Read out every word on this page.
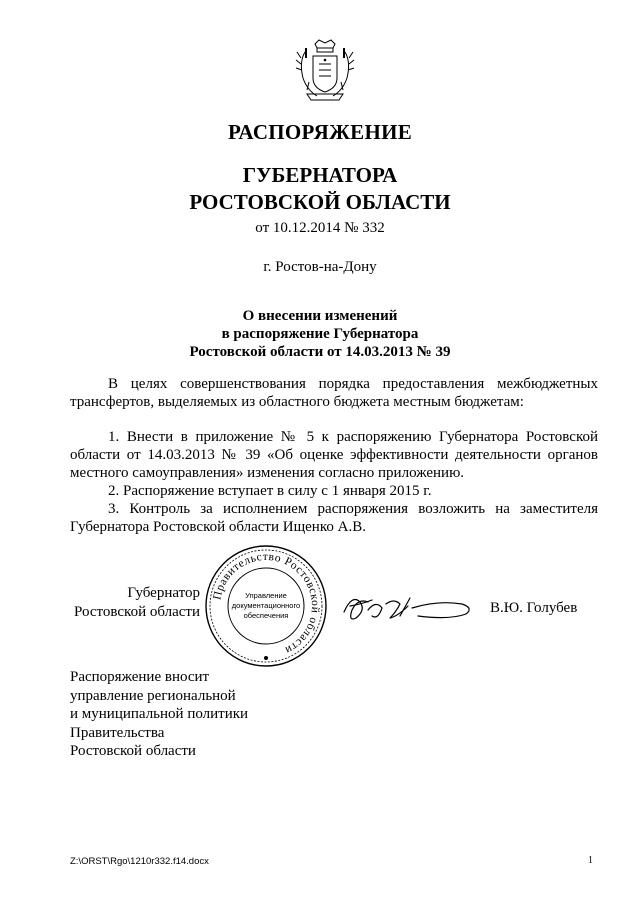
РАСПОРЯЖЕНИЕ
ГУБЕРНАТОРА
РОСТОВСКОЙ ОБЛАСТИ
от 10.12.2014 № 332
г. Ростов-на-Дону
О внесении изменений
в распоряжение Губернатора
Ростовской области от 14.03.2013 № 39
В целях совершенствования порядка предоставления межбюджетных трансфертов, выделяемых из областного бюджета местным бюджетам:
1. Внести в приложение № 5 к распоряжению Губернатора Ростовской области от 14.03.2013 № 39 «Об оценке эффективности деятельности органов местного самоуправления» изменения согласно приложению.
2. Распоряжение вступает в силу с 1 января 2015 г.
3. Контроль за исполнением распоряжения возложить на заместителя Губернатора Ростовской области Ищенко А.В.
Губернатор
Ростовской области
Правительство Ростовской области
Управление
документационного
обеспечения	В.Ю. Голубев
Распоряжение вносит
управление региональной
и муниципальной политики
Правительства
Ростовской области
Z:\ORST\Rgo\1210r332.f14.docx	1
